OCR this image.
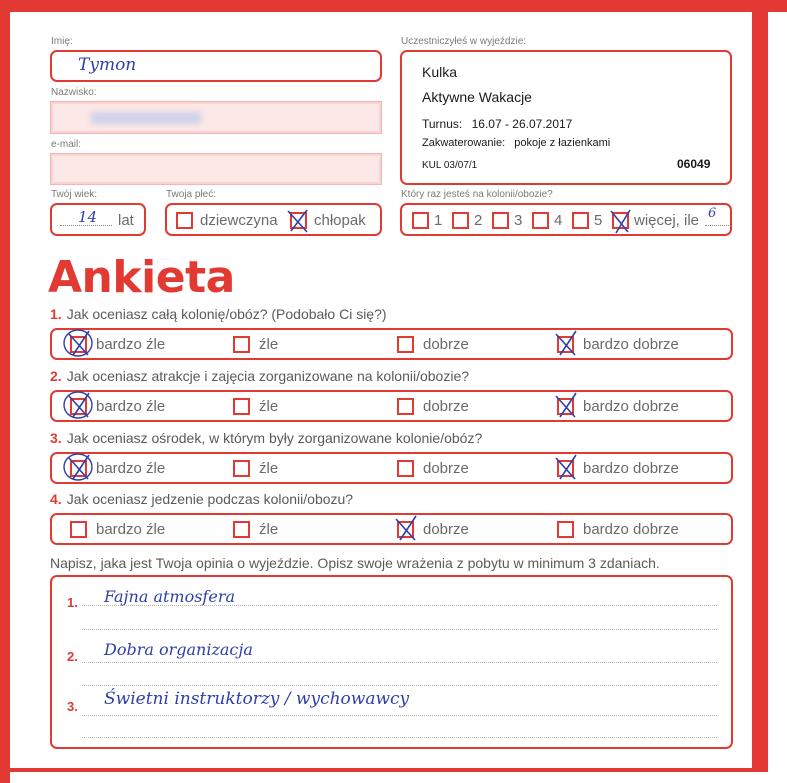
Imię:
Tymon
Nazwisko:
e-mail:
Twój wiek:
14 lat
Twoja płeć:
dziewczyna chłopak
Uczestniczyłeś w wyjeździe:
Kulka
Aktywne Wakacje
Turnus: 16.07 - 26.07.2017
Zakwaterowanie: pokoje z łazienkami
KUL 03/07/1	06049
Który raz jesteś na kolonii/obozie?
1 2 3 4 5 więcej, ile 6
Ankieta
1. Jak oceniasz całą kolonię/obóz? (Podobało Ci się?)
bardzo źle	źle	dobrze	bardzo dobrze
2. Jak oceniasz atrakcje i zajęcia zorganizowane na kolonii/obozie?
bardzo źle	źle	dobrze	bardzo dobrze
3. Jak oceniasz ośrodek, w którym były zorganizowane kolonie/obóz?
bardzo źle	źle	dobrze	bardzo dobrze
4. Jak oceniasz jedzenie podczas kolonii/obozu?
bardzo źle	źle	dobrze	bardzo dobrze
Napisz, jaka jest Twoja opinia o wyjeździe. Opisz swoje wrażenia z pobytu w minimum 3 zdaniach.
1. Fajna atmosfera
2. Dobra organizacja
3. Świetni instruktorzy / wychowawcy
